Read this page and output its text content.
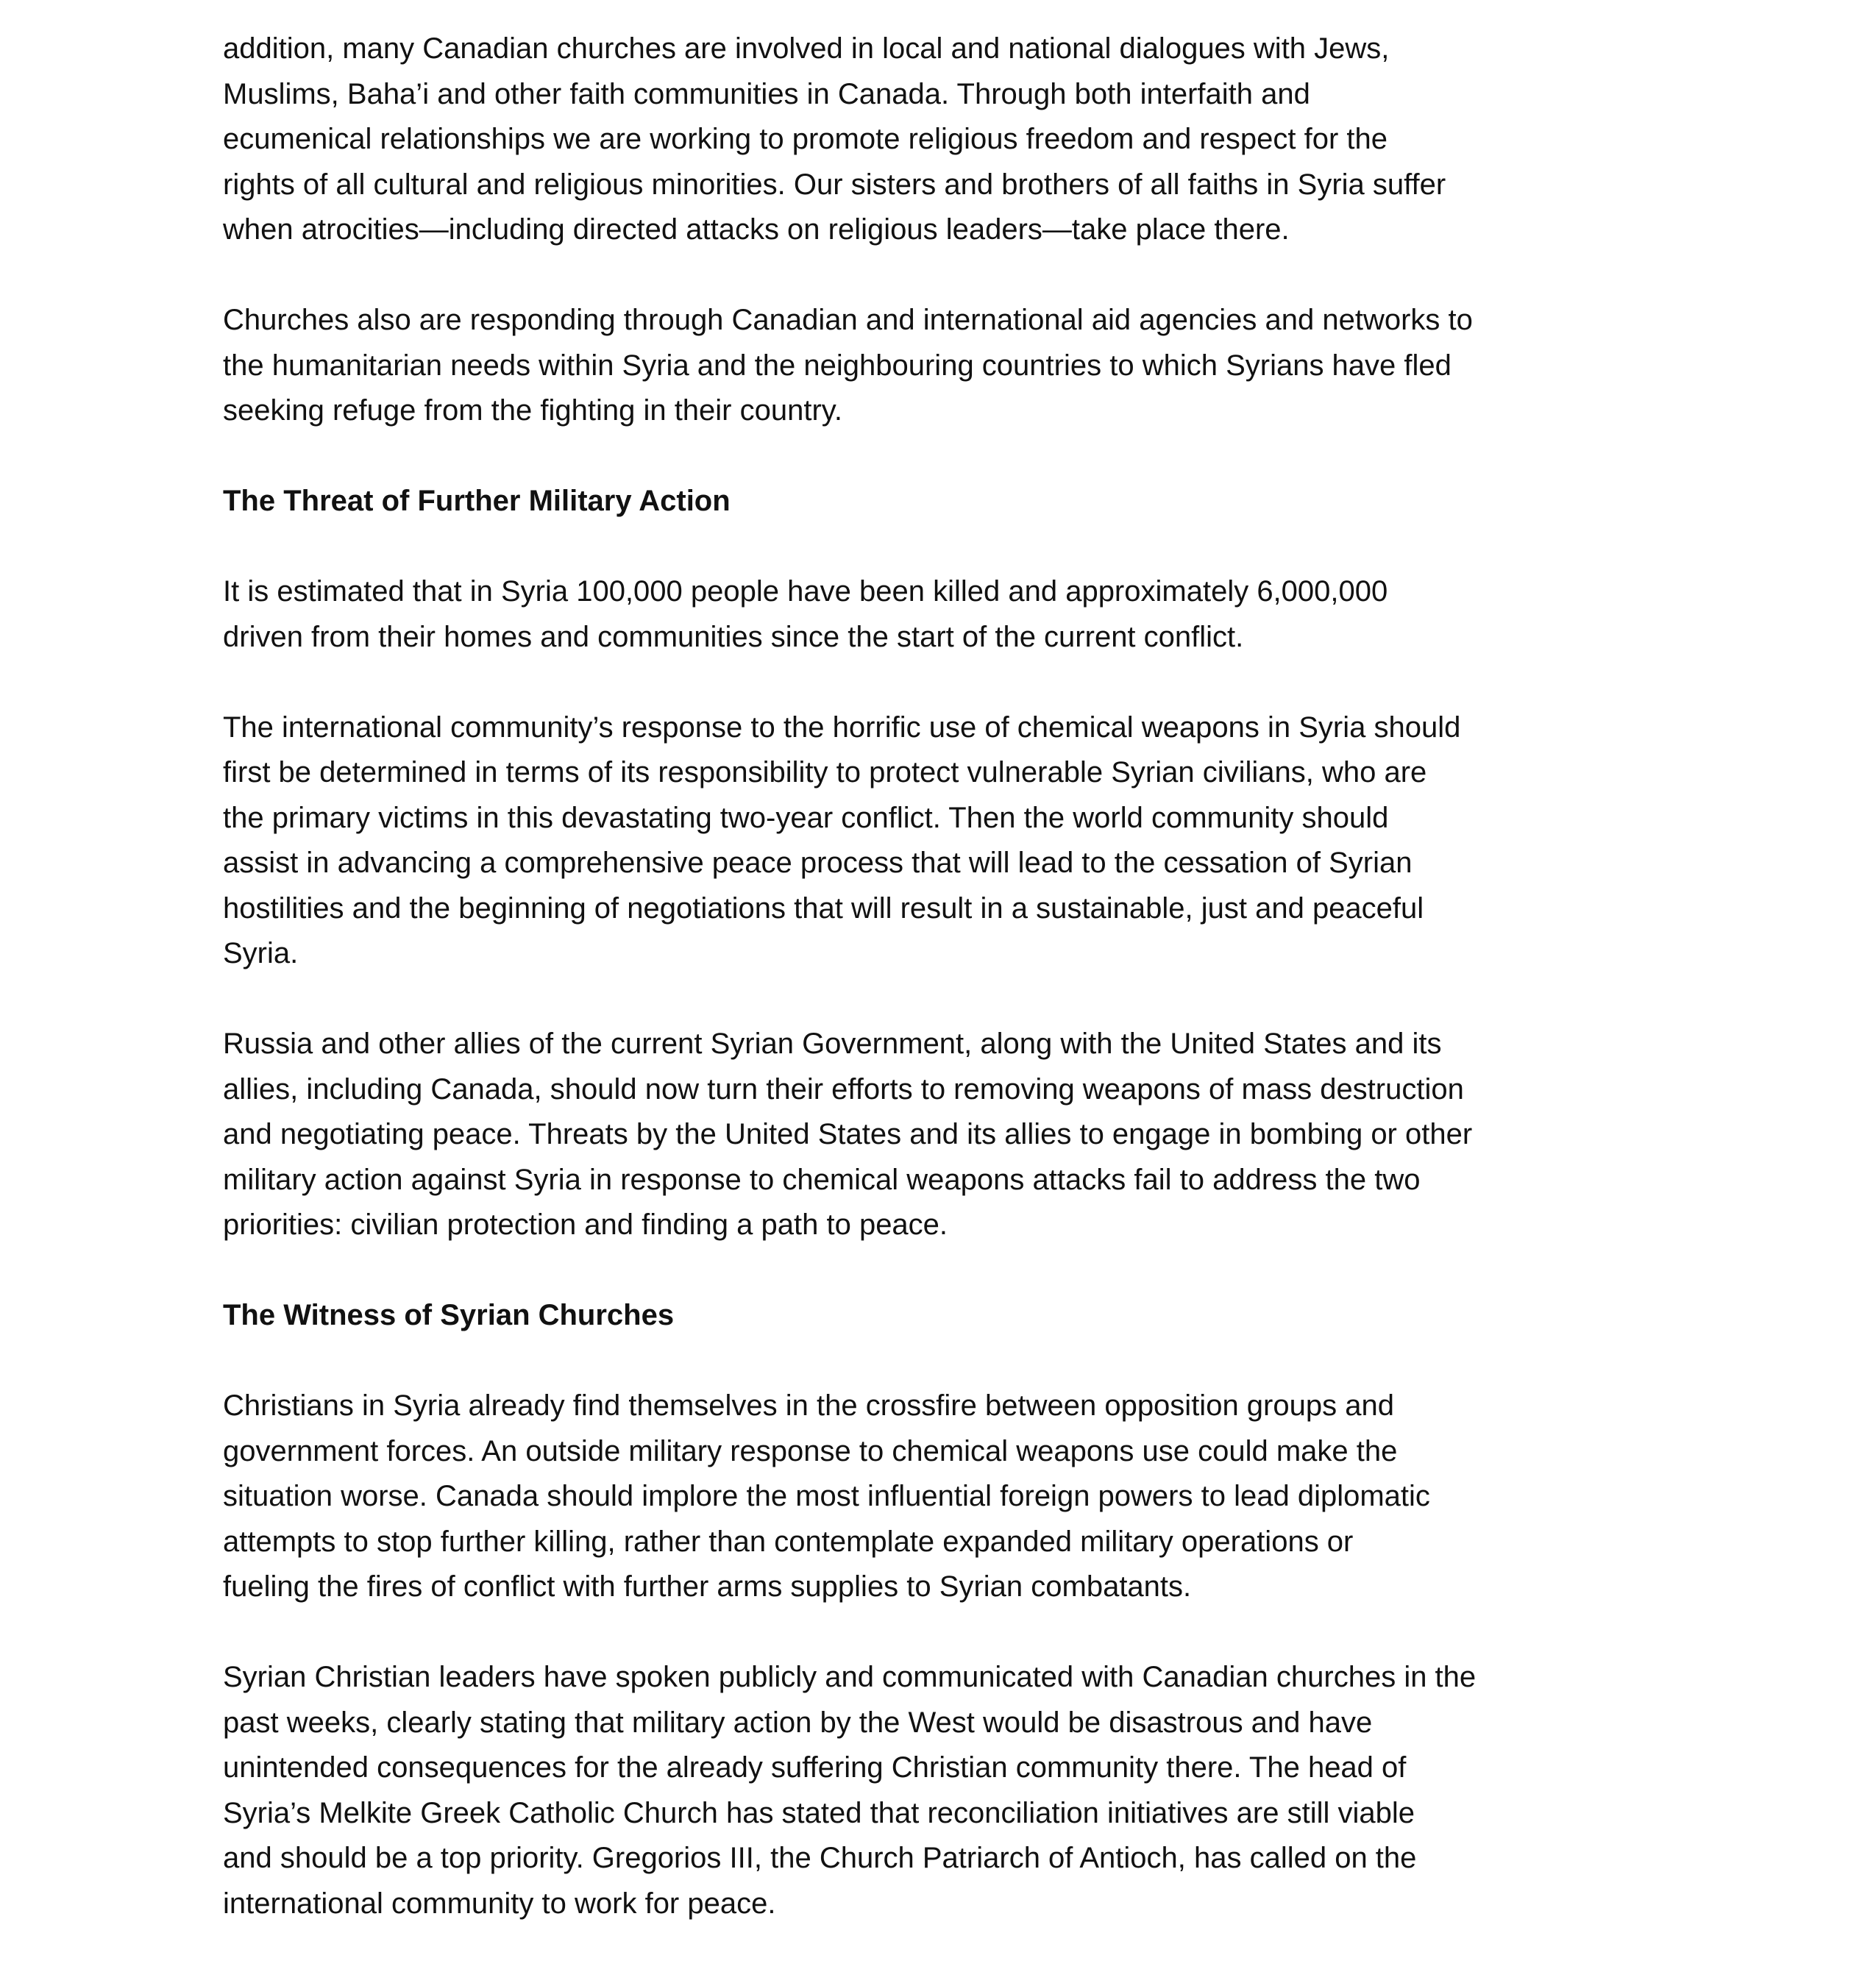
addition, many Canadian churches are involved in local and national dialogues with Jews,
Muslims, Baha’i and other faith communities in Canada. Through both interfaith and
ecumenical relationships we are working to promote religious freedom and respect for the
rights of all cultural and religious minorities. Our sisters and brothers of all faiths in Syria suffer
when atrocities—including directed attacks on religious leaders—take place there.
Churches also are responding through Canadian and international aid agencies and networks to
the humanitarian needs within Syria and the neighbouring countries to which Syrians have fled
seeking refuge from the fighting in their country.
The Threat of Further Military Action
It is estimated that in Syria 100,000 people have been killed and approximately 6,000,000
driven from their homes and communities since the start of the current conflict.
The international community’s response to the horrific use of chemical weapons in Syria should
first be determined in terms of its responsibility to protect vulnerable Syrian civilians, who are
the primary victims in this devastating two-year conflict. Then the world community should
assist in advancing a comprehensive peace process that will lead to the cessation of Syrian
hostilities and the beginning of negotiations that will result in a sustainable, just and peaceful
Syria.
Russia and other allies of the current Syrian Government, along with the United States and its
allies, including Canada, should now turn their efforts to removing weapons of mass destruction
and negotiating peace. Threats by the United States and its allies to engage in bombing or other
military action against Syria in response to chemical weapons attacks fail to address the two
priorities: civilian protection and finding a path to peace.
The Witness of Syrian Churches
Christians in Syria already find themselves in the crossfire between opposition groups and
government forces. An outside military response to chemical weapons use could make the
situation worse. Canada should implore the most influential foreign powers to lead diplomatic
attempts to stop further killing, rather than contemplate expanded military operations or
fueling the fires of conflict with further arms supplies to Syrian combatants.
Syrian Christian leaders have spoken publicly and communicated with Canadian churches in the
past weeks, clearly stating that military action by the West would be disastrous and have
unintended consequences for the already suffering Christian community there. The head of
Syria’s Melkite Greek Catholic Church has stated that reconciliation initiatives are still viable
and should be a top priority. Gregorios III, the Church Patriarch of Antioch, has called on the
international community to work for peace.
